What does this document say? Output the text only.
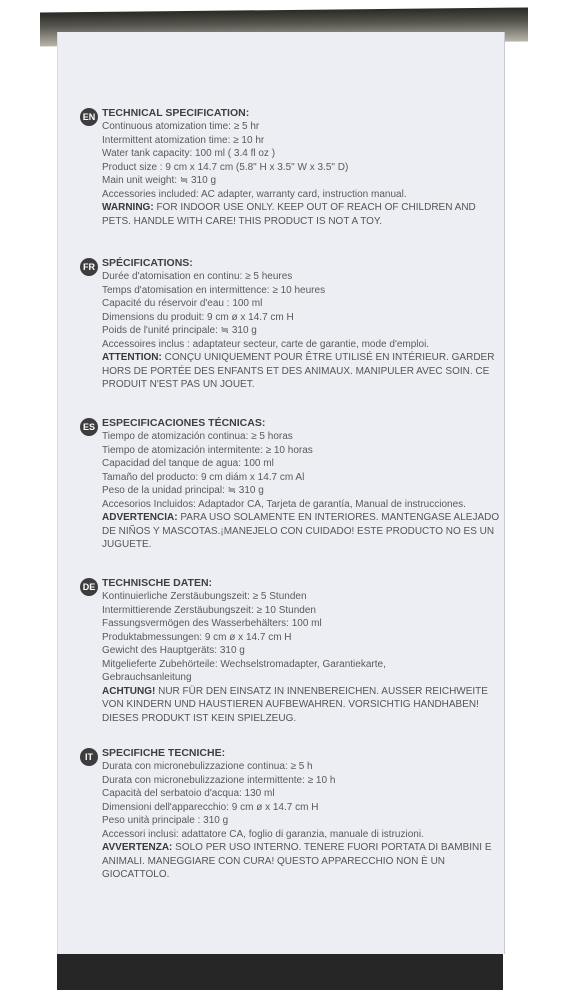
EN TECHNICAL SPECIFICATION:
Continuous atomization time: ≥ 5 hr
Intermittent atomization time: ≥ 10 hr
Water tank capacity: 100 ml ( 3.4 fl oz )
Product size : 9 cm x 14.7 cm (5.8" H x 3.5" W x 3.5" D)
Main unit weight: ≒ 310 g
Accessories included: AC adapter, warranty card, instruction manual.
WARNING: FOR INDOOR USE ONLY. KEEP OUT OF REACH OF CHILDREN AND PETS. HANDLE WITH CARE! THIS PRODUCT IS NOT A TOY.
FR SPÉCIFICATIONS:
Durée d'atomisation en continu: ≥ 5 heures
Temps d'atomisation en intermittence: ≥ 10 heures
Capacité du réservoir d'eau : 100 ml
Dimensions du produit: 9 cm ø x 14.7 cm H
Poids de l'unité principale: ≒ 310 g
Accessoires inclus : adaptateur secteur, carte de garantie, mode d'emploi.
ATTENTION: CONÇU UNIQUEMENT POUR ÊTRE UTILISÉ EN INTÉRIEUR. GARDER HORS DE PORTÉE DES ENFANTS ET DES ANIMAUX. MANIPULER AVEC SOIN. CE PRODUIT N'EST PAS UN JOUET.
ES ESPECIFICACIONES TÉCNICAS:
Tiempo de atomización continua: ≥ 5 horas
Tiempo de atomización intermitente: ≥ 10 horas
Capacidad del tanque de agua: 100 ml
Tamaño del producto: 9 cm diám x 14.7 cm Al
Peso de la unidad principal: ≒ 310 g
Accesorios Incluidos: Adaptador CA, Tarjeta de garantía, Manual de instrucciones.
ADVERTENCIA: PARA USO SOLAMENTE EN INTERIORES. MANTENGASE ALEJADO DE NIÑOS Y MASCOTAS.¡MANEJELO CON CUIDADO! ESTE PRODUCTO NO ES UN JUGUETE.
DE TECHNISCHE DATEN:
Kontinuierliche Zerstäubungszeit: ≥ 5 Stunden
Intermittierende Zerstäubungszeit: ≥ 10 Stunden
Fassungsvermögen des Wasserbehälters: 100 ml
Produktabmessungen: 9 cm ø x 14.7 cm H
Gewicht des Hauptgeräts: 310 g
Mitgelieferte Zubehörteile: Wechselstromadapter, Garantiekarte,
Gebrauchsanleitung
ACHTUNG! NUR FÜR DEN EINSATZ IN INNENBEREICHEN. AUSSER REICHWEITE VON KINDERN UND HAUSTIEREN AUFBEWAHREN. VORSICHTIG HANDHABEN! DIESES PRODUKT IST KEIN SPIELZEUG.
IT SPECIFICHE TECNICHE:
Durata con micronebulizzazione continua: ≥ 5 h
Durata con micronebulizzazione intermittente: ≥ 10 h
Capacità del serbatoio d'acqua: 130 ml
Dimensioni dell'apparecchio: 9 cm ø x 14.7 cm H
Peso unità principale : 310 g
Accessori inclusi: adattatore CA, foglio di garanzia, manuale di istruzioni.
AVVERTENZA: SOLO PER USO INTERNO. TENERE FUORI PORTATA DI BAMBINI E ANIMALI. MANEGGIARE CON CURA! QUESTO APPARECCHIO NON È UN GIOCATTOLO.
